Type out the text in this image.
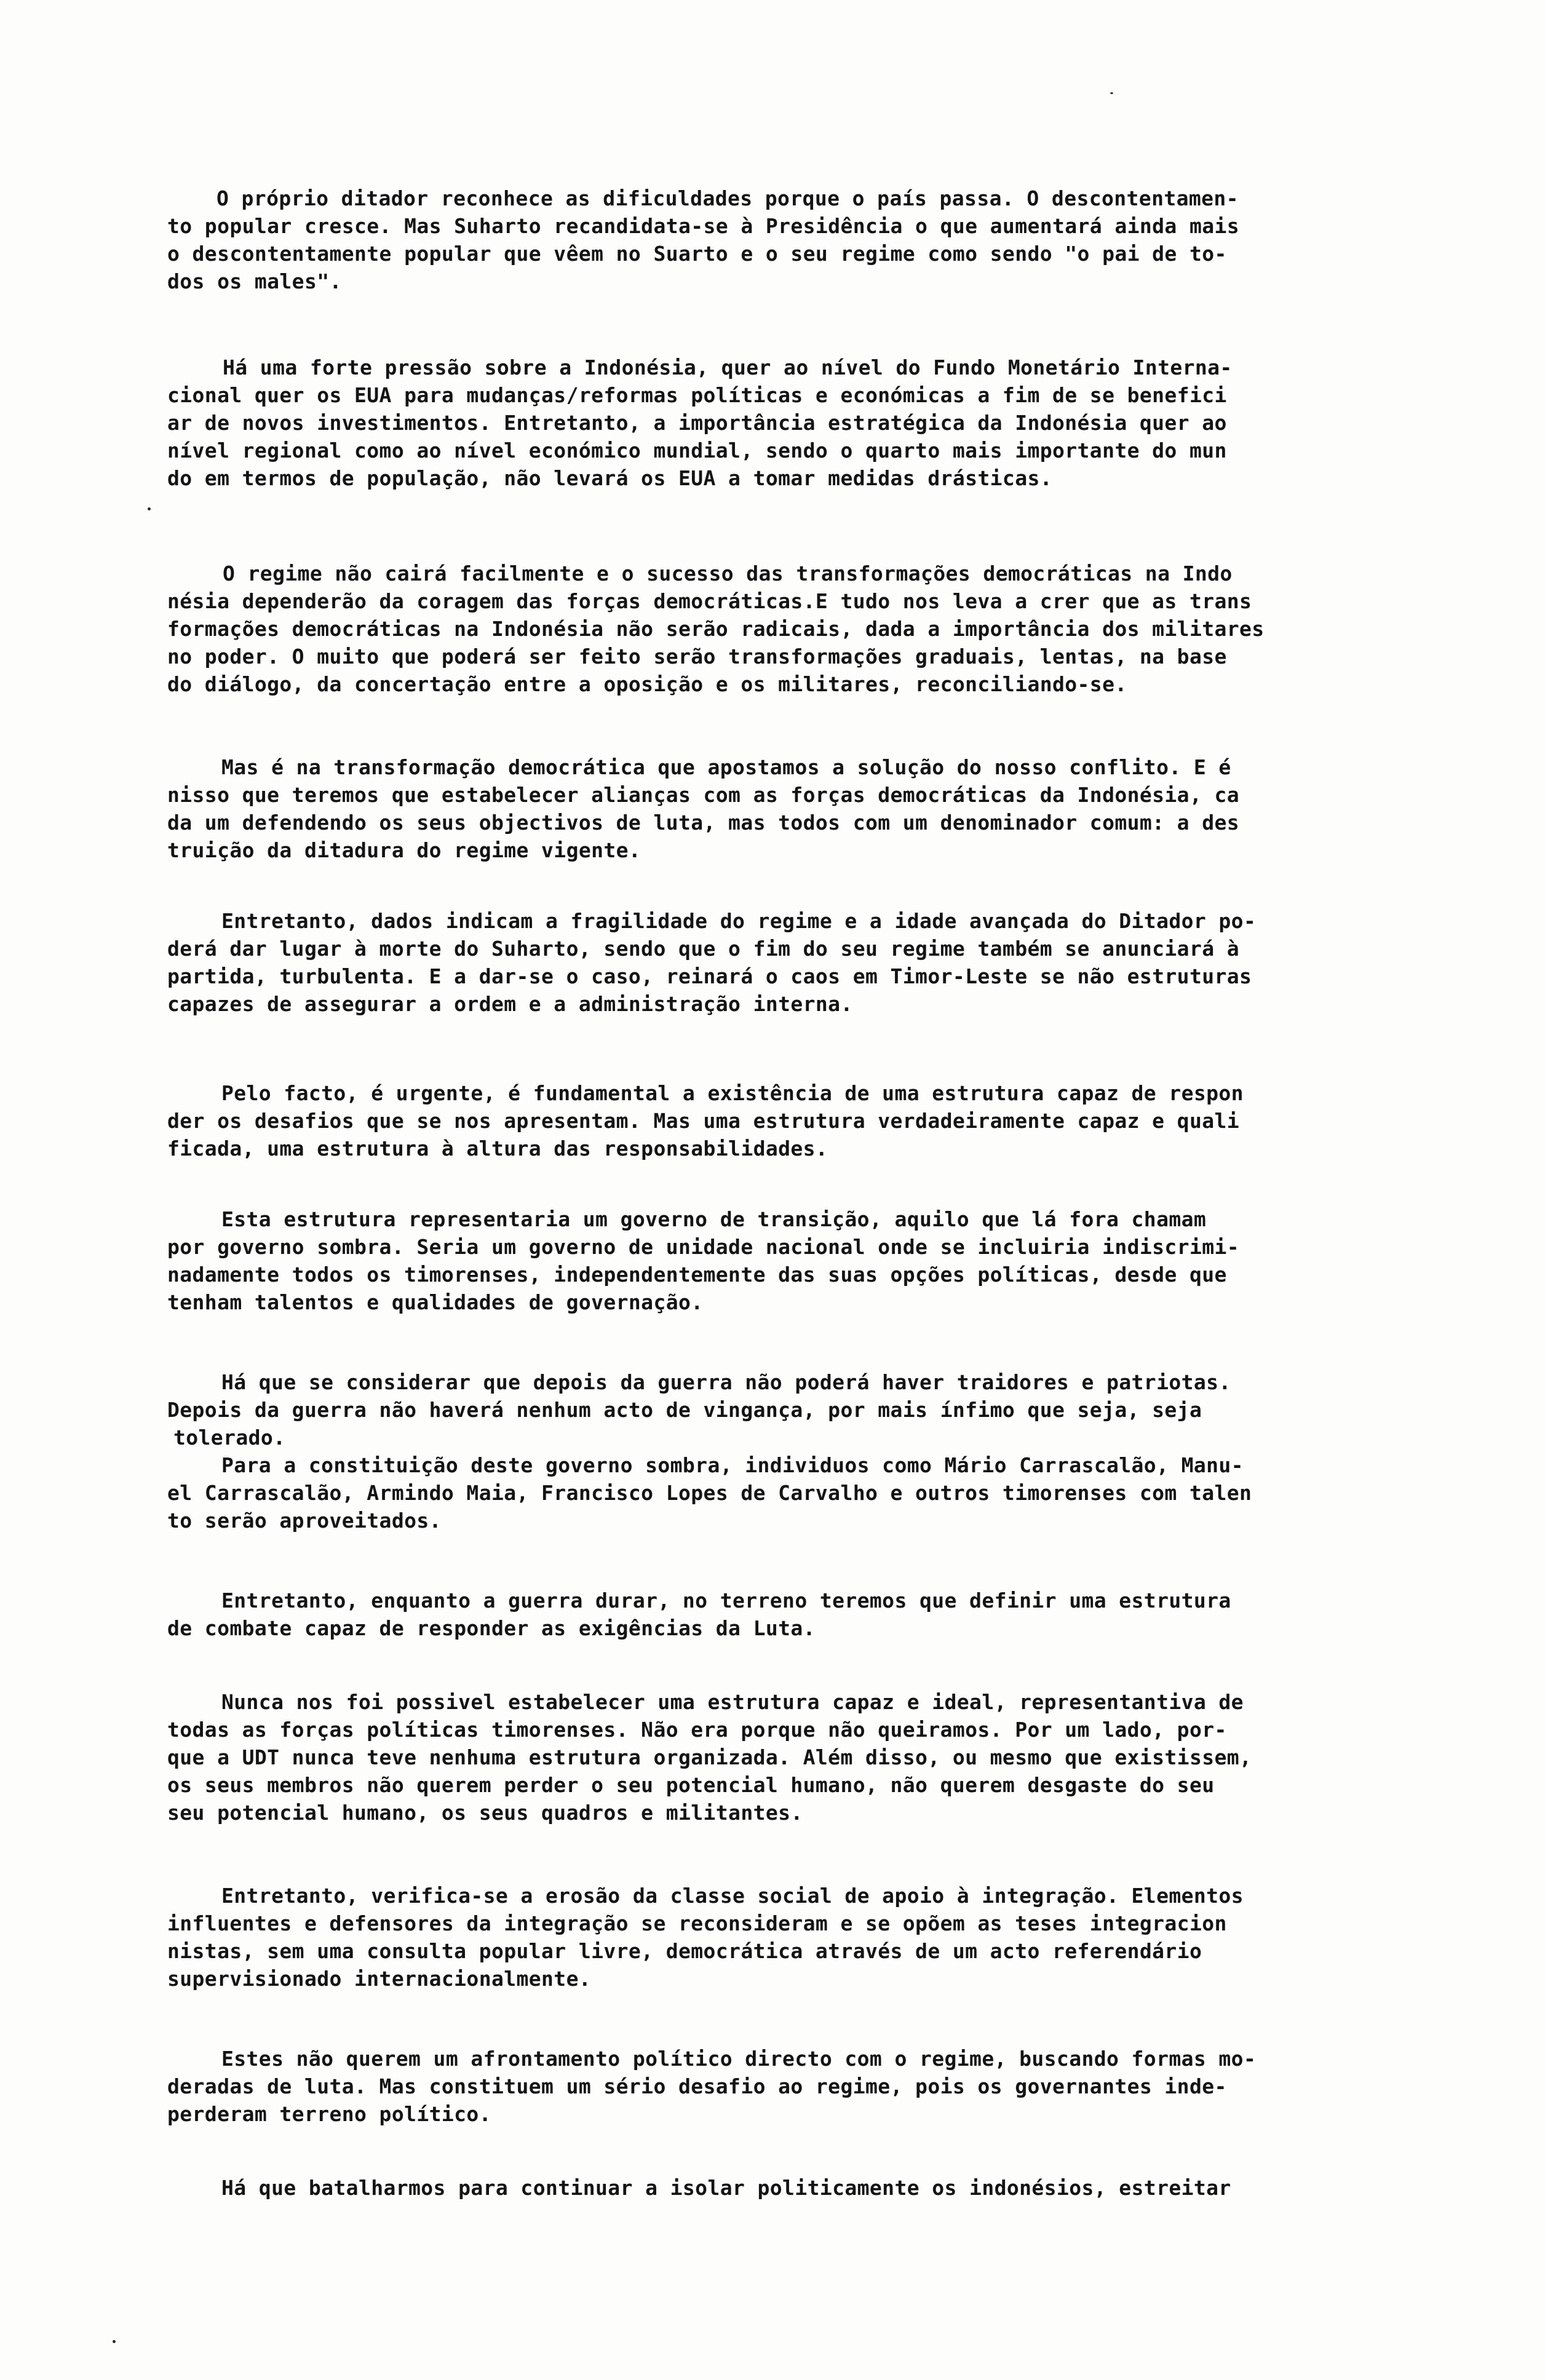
O próprio ditador reconhece as dificuldades porque o país passa. O descontentamen-
to popular cresce. Mas Suharto recandidata-se à Presidência o que aumentará ainda mais
o descontentamente popular que vêem no Suarto e o seu regime como sendo "o pai de to-
dos os males".
Há uma forte pressão sobre a Indonésia, quer ao nível do Fundo Monetário Interna-
cional quer os EUA para mudanças/reformas políticas e económicas a fim de se benefici
ar de novos investimentos. Entretanto, a importância estratégica da Indonésia quer ao
nível regional como ao nível económico mundial, sendo o quarto mais importante do mun
do em termos de população, não levará os EUA a tomar medidas drásticas.
O regime não cairá facilmente e o sucesso das transformações democráticas na Indo
nésia dependerão da coragem das forças democráticas.E tudo nos leva a crer que as trans
formações democráticas na Indonésia não serão radicais, dada a importância dos militares
no poder. O muito que poderá ser feito serão transformações graduais, lentas, na base
do diálogo, da concertação entre a oposição e os militares, reconciliando-se.
Mas é na transformação democrática que apostamos a solução do nosso conflito. E é
nisso que teremos que estabelecer alianças com as forças democráticas da Indonésia, ca
da um defendendo os seus objectivos de luta, mas todos com um denominador comum: a des
truição da ditadura do regime vigente.
Entretanto, dados indicam a fragilidade do regime e a idade avançada do Ditador po-
derá dar lugar à morte do Suharto, sendo que o fim do seu regime também se anunciará à
partida, turbulenta. E a dar-se o caso, reinará o caos em Timor-Leste se não estruturas
capazes de assegurar a ordem e a administração interna.
Pelo facto, é urgente, é fundamental a existência de uma estrutura capaz de respon
der os desafios que se nos apresentam. Mas uma estrutura verdadeiramente capaz e quali
ficada, uma estrutura à altura das responsabilidades.
Esta estrutura representaria um governo de transição, aquilo que lá fora chamam
por governo sombra. Seria um governo de unidade nacional onde se incluiria indiscrimi-
nadamente todos os timorenses, independentemente das suas opções políticas, desde que
tenham talentos e qualidades de governação.
Há que se considerar que depois da guerra não poderá haver traidores e patriotas.
Depois da guerra não haverá nenhum acto de vingança, por mais ínfimo que seja, seja
tolerado.
Para a constituição deste governo sombra, individuos como Mário Carrascalão, Manu-
el Carrascalão, Armindo Maia, Francisco Lopes de Carvalho e outros timorenses com talen
to serão aproveitados.
Entretanto, enquanto a guerra durar, no terreno teremos que definir uma estrutura
de combate capaz de responder as exigências da Luta.
Nunca nos foi possivel estabelecer uma estrutura capaz e ideal, representantiva de
todas as forças políticas timorenses. Não era porque não queiramos. Por um lado, por-
que a UDT nunca teve nenhuma estrutura organizada. Além disso, ou mesmo que existissem,
os seus membros não querem perder o seu potencial humano, não querem desgaste do seu
seu potencial humano, os seus quadros e militantes.
Entretanto, verifica-se a erosão da classe social de apoio à integração. Elementos
influentes e defensores da integração se reconsideram e se opõem as teses integracion
nistas, sem uma consulta popular livre, democrática através de um acto referendário
supervisionado internacionalmente.
Estes não querem um afrontamento político directo com o regime, buscando formas mo-
deradas de luta. Mas constituem um sério desafio ao regime, pois os governantes inde-
perderam terreno político.
Há que batalharmos para continuar a isolar politicamente os indonésios, estreitar
